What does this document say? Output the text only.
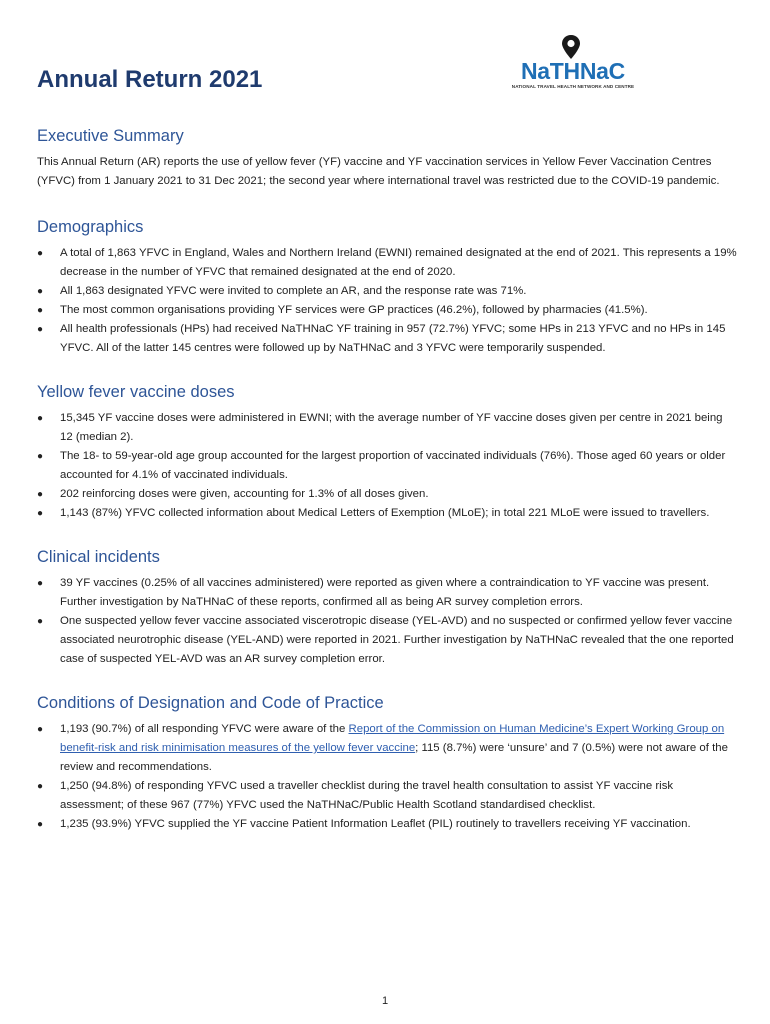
NaTHNaC
NATIONAL TRAVEL HEALTH NETWORK AND CENTRE
Annual Return 2021
Executive Summary

This Annual Return (AR) reports the use of yellow fever (YF) vaccine and YF vaccination services in Yellow Fever Vaccination Centres (YFVC) from 1 January 2021 to 31 Dec 2021; the second year where international travel was restricted due to the COVID-19 pandemic.

Demographics
● A total of 1,863 YFVC in England, Wales and Northern Ireland (EWNI) remained designated at the end of 2021. This represents a 19% decrease in the number of YFVC that remained designated at the end of 2020.
● All 1,863 designated YFVC were invited to complete an AR, and the response rate was 71%.
● The most common organisations providing YF services were GP practices (46.2%), followed by pharmacies (41.5%).
● All health professionals (HPs) had received NaTHNaC YF training in 957 (72.7%) YFVC; some HPs in 213 YFVC and no HPs in 145 YFVC. All of the latter 145 centres were followed up by NaTHNaC and 3 YFVC were temporarily suspended.
Yellow fever vaccine doses
● 15,345 YF vaccine doses were administered in EWNI; with the average number of YF vaccine doses given per centre in 2021 being 12 (median 2).
● The 18- to 59-year-old age group accounted for the largest proportion of vaccinated individuals (76%). Those aged 60 years or older accounted for 4.1% of vaccinated individuals.
● 202 reinforcing doses were given, accounting for 1.3% of all doses given.
● 1,143 (87%) YFVC collected information about Medical Letters of Exemption (MLoE); in total 221 MLoE were issued to travellers.
Clinical incidents
● 39 YF vaccines (0.25% of all vaccines administered) were reported as given where a contraindication to YF vaccine was present. Further investigation by NaTHNaC of these reports, confirmed all as being AR survey completion errors.
● One suspected yellow fever vaccine associated viscerotropic disease (YEL-AVD) and no suspected or confirmed yellow fever vaccine associated neurotrophic disease (YEL-AND) were reported in 2021. Further investigation by NaTHNaC revealed that the one reported case of suspected YEL-AVD was an AR survey completion error.
Conditions of Designation and Code of Practice
● 1,193 (90.7%) of all responding YFVC were aware of the Report of the Commission on Human Medicine’s Expert Working Group on benefit-risk and risk minimisation measures of the yellow fever vaccine; 115 (8.7%) were ‘unsure’ and 7 (0.5%) were not aware of the review and recommendations.
● 1,250 (94.8%) of responding YFVC used a traveller checklist during the travel health consultation to assist YF vaccine risk assessment; of these 967 (77%) YFVC used the NaTHNaC/Public Health Scotland standardised checklist.
● 1,235 (93.9%) YFVC supplied the YF vaccine Patient Information Leaflet (PIL) routinely to travellers receiving YF vaccination.
1
